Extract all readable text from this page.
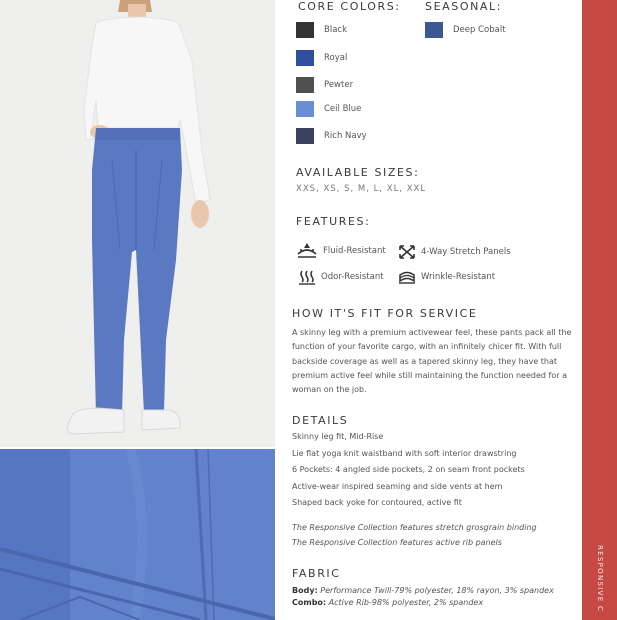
RESPONSIVE C
CORE COLORS: SEASONAL:
Black
Royal
Pewter
Ceil Blue
Rich Navy
Deep Cobalt
AVAILABLE SIZES:
XXS, XS, S, M, L, XL, XXL
FEATURES:
Fluid-Resistant	4-Way Stretch Panels
Odor-Resistant	Wrinkle-Resistant
HOW IT'S FIT FOR SERVICE
A skinny leg with a premium activewear feel, these pants pack all the
function of your favorite cargo, with an infinitely chicer fit. With full
backside coverage as well as a tapered skinny leg, they have that
premium active feel while still maintaining the function needed for a
woman on the job.
DETAILS
Skinny leg fit, Mid-Rise
Lie flat yoga knit waistband with soft interior drawstring
6 Pockets: 4 angled side pockets, 2 on seam front pockets
Active-wear inspired seaming and side vents at hem
Shaped back yoke for contoured, active fit
The Responsive Collection features stretch grosgrain binding
The Responsive Collection features active rib panels
FABRIC
Body: Performance Twill-79% polyester, 18% rayon, 3% spandex
Combo: Active Rib-98% polyester, 2% spandex
